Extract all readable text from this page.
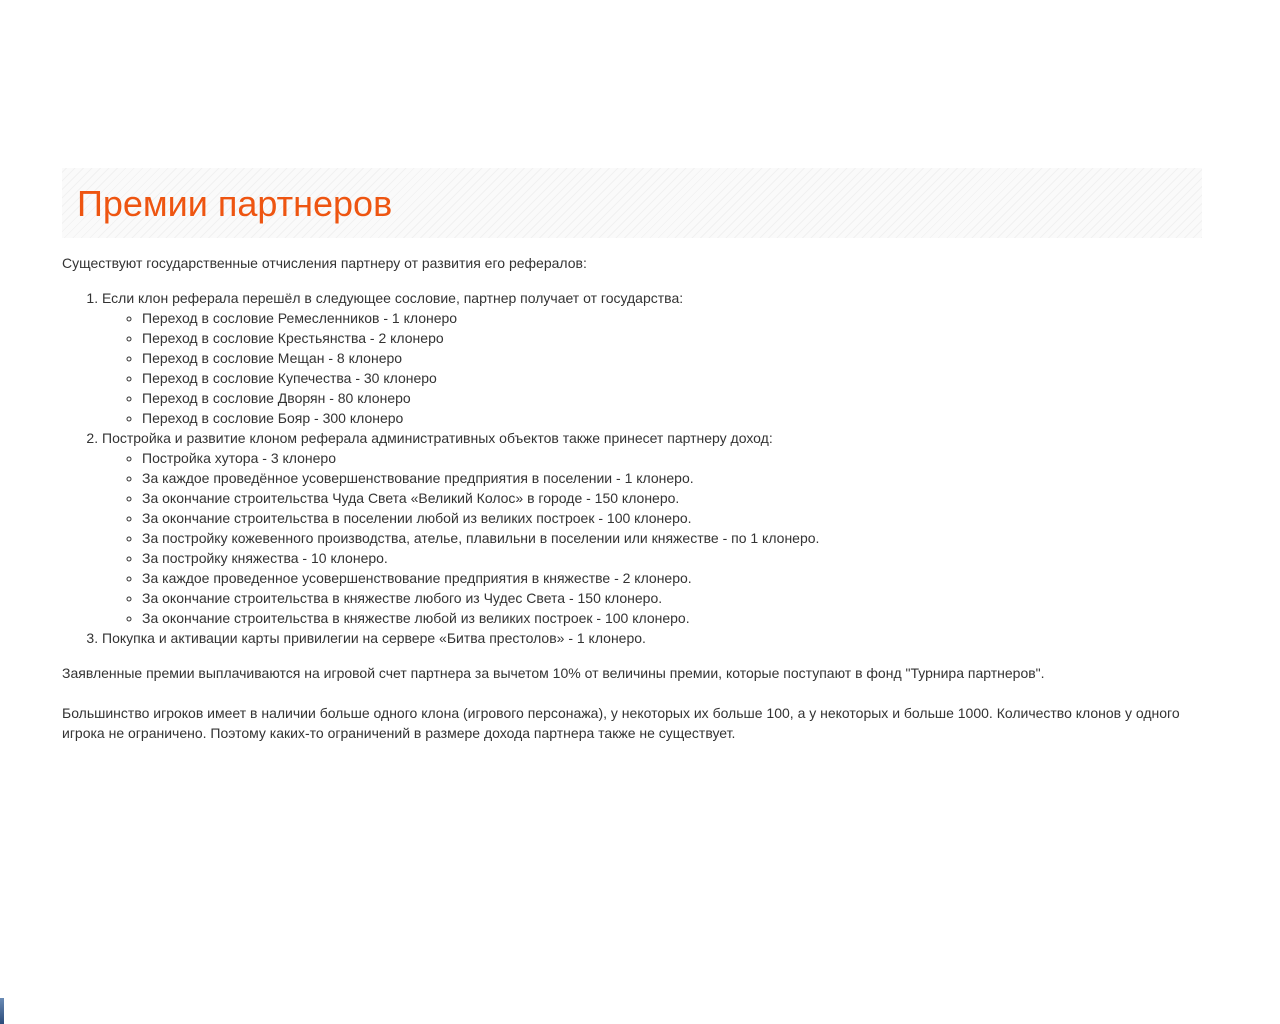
Премии партнеров

Существуют государственные отчисления партнеру от развития его рефералов:

1. Если клон реферала перешёл в следующее сословие, партнер получает от государства:
◦ Переход в сословие Ремесленников - 1 клонеро
◦ Переход в сословие Крестьянства - 2 клонеро
◦ Переход в сословие Мещан - 8 клонеро
◦ Переход в сословие Купечества - 30 клонеро
◦ Переход в сословие Дворян - 80 клонеро
◦ Переход в сословие Бояр - 300 клонеро
2. Постройка и развитие клоном реферала административных объектов также принесет партнеру доход:
◦ Постройка хутора - 3 клонеро
◦ За каждое проведённое усовершенствование предприятия в поселении - 1 клонеро.
◦ За окончание строительства Чуда Света «Великий Колос» в городе - 150 клонеро.
◦ За окончание строительства в поселении любой из великих построек - 100 клонеро.
◦ За постройку кожевенного производства, ателье, плавильни в поселении или княжестве - по 1 клонеро.
◦ За постройку княжества - 10 клонеро.
◦ За каждое проведенное усовершенствование предприятия в княжестве - 2 клонеро.
◦ За окончание строительства в княжестве любого из Чудес Света - 150 клонеро.
◦ За окончание строительства в княжестве любой из великих построек - 100 клонеро.
3. Покупка и активации карты привилегии на сервере «Битва престолов» - 1 клонеро.

Заявленные премии выплачиваются на игровой счет партнера за вычетом 10% от величины премии, которые поступают в фонд "Турнира партнеров".

Большинство игроков имеет в наличии больше одного клона (игрового персонажа), у некоторых их больше 100, а у некоторых и больше 1000. Количество клонов у одного игрока не ограничено. Поэтому каких-то ограничений в размере дохода партнера также не существует.
